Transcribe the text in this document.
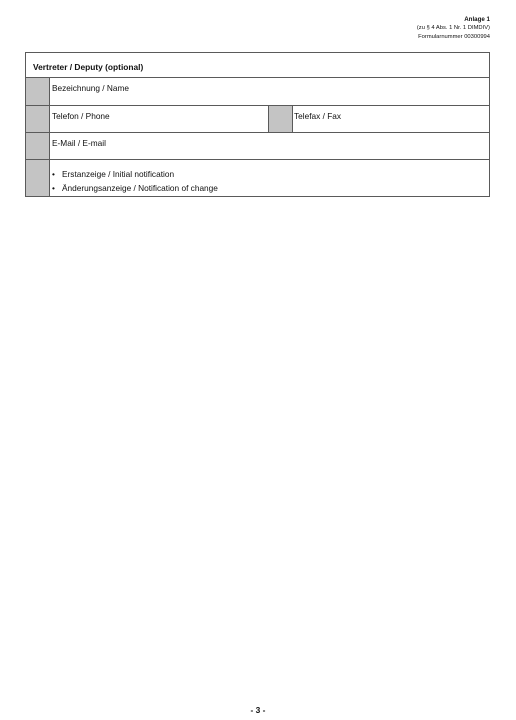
Anlage 1
(zu § 4 Abs. 1 Nr. 1 DIMDIV)
Formularnummer 00300994
Vertreter / Deputy (optional)
Bezeichnung / Name
Telefon / Phone	Telefax / Fax
E-Mail / E-mail
• Erstanzeige / Initial notification
• Änderungsanzeige / Notification of change
- 3 -
